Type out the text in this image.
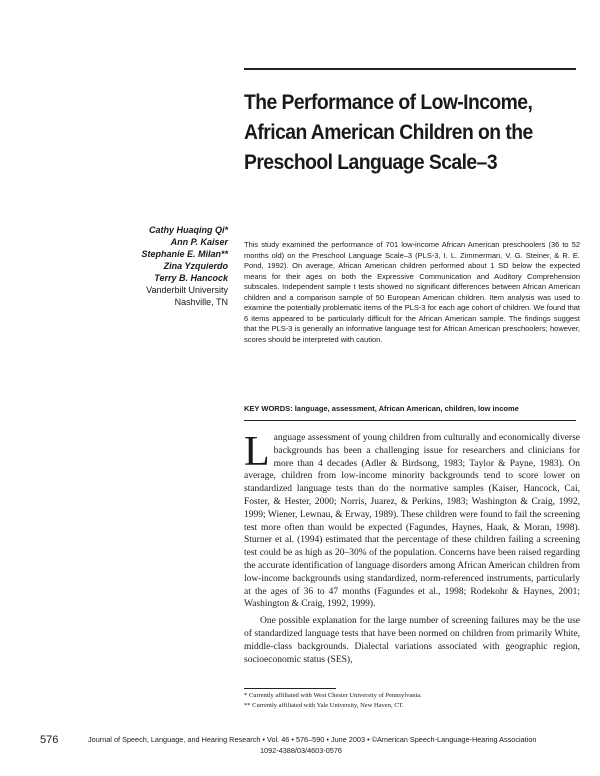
The Performance of Low-Income, African American Children on the Preschool Language Scale–3
Cathy Huaqing Qi*
Ann P. Kaiser
Stephanie E. Milan**
Zina Yzquierdo
Terry B. Hancock
Vanderbilt University
Nashville, TN

This study examined the performance of 701 low-income African American preschoolers (36 to 52 months old) on the Preschool Language Scale–3 (PLS-3, I. L. Zimmerman, V. G. Steiner, & R. E. Pond, 1992). On average, African American children performed about 1 SD below the expected means for their ages on both the Expressive Communication and Auditory Comprehension subscales. Independent sample t tests showed no significant differences between African American children and a comparison sample of 50 European American children. Item analysis was used to examine the potentially problematic items of the PLS-3 for each age cohort of children. We found that 6 items appeared to be particularly difficult for the African American sample. The findings suggest that the PLS-3 is generally an informative language test for African American preschoolers; however, scores should be interpreted with caution.

KEY WORDS: language, assessment, African American, children, low income

Language assessment of young children from culturally and economically diverse backgrounds has been a challenging issue for researchers and clinicians for more than 4 decades (Adler & Birdsong, 1983; Taylor & Payne, 1983). On average, children from low-income minority backgrounds tend to score lower on standardized language tests than do the normative samples (Kaiser, Hancock, Cai, Foster, & Hester, 2000; Norris, Juarez, & Perkins, 1983; Washington & Craig, 1992, 1999; Wiener, Lewnau, & Erway, 1989). These children were found to fail the screening test more often than would be expected (Fagundes, Haynes, Haak, & Moran, 1998). Sturner et al. (1994) estimated that the percentage of these children failing a screening test could be as high as 20–30% of the population. Concerns have been raised regarding the accurate identification of language disorders among African American children from low-income backgrounds using standardized, norm-referenced instruments, particularly at the ages of 36 to 47 months (Fagundes et al., 1998; Rodekohr & Haynes, 2001; Washington & Craig, 1992, 1999).

One possible explanation for the large number of screening failures may be the use of standardized language tests that have been normed on children from primarily White, middle-class backgrounds. Dialectal variations associated with geographic region, socioeconomic status (SES),

* Currently affiliated with West Chester University of Pennsylvania.
** Currently affiliated with Yale University, New Haven, CT.
576	Journal of Speech, Language, and Hearing Research • Vol. 46 • 576–590 • June 2003 • ©American Speech-Language-Hearing Association
1092-4388/03/4603-0576
